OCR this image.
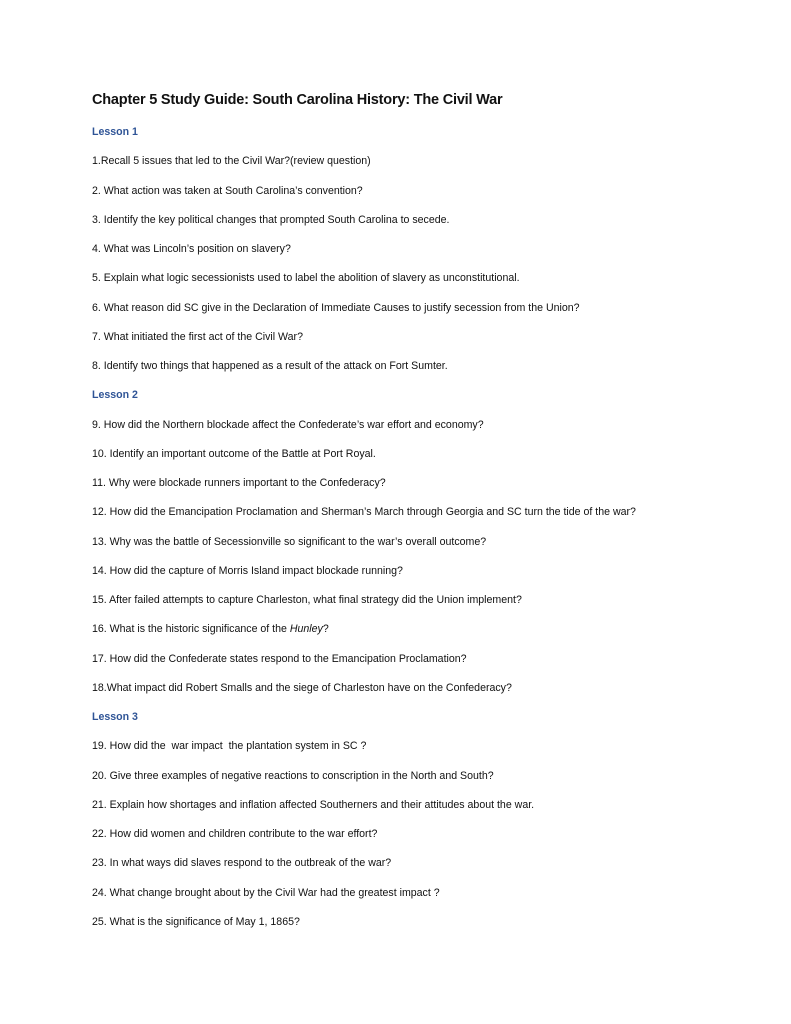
Chapter 5 Study Guide: South Carolina History: The Civil War
Lesson 1
1.Recall 5 issues that led to the Civil War?(review question)
2. What action was taken at South Carolina’s convention?
3. Identify the key political changes that prompted South Carolina to secede.
4. What was Lincoln’s position on slavery?
5. Explain what logic secessionists used to label the abolition of slavery as unconstitutional.
6. What reason did SC give in the Declaration of Immediate Causes to justify secession from the Union?
7. What initiated the first act of the Civil War?
8. Identify two things that happened as a result of the attack on Fort Sumter.
Lesson 2
9. How did the Northern blockade affect the Confederate’s war effort and economy?
10. Identify an important outcome of the Battle at Port Royal.
11. Why were blockade runners important to the Confederacy?
12. How did the Emancipation Proclamation and Sherman’s March through Georgia and SC turn the tide of the war?
13. Why was the battle of Secessionville so significant to the war’s overall outcome?
14. How did the capture of Morris Island impact blockade running?
15. After failed attempts to capture Charleston, what final strategy did the Union implement?
16. What is the historic significance of the Hunley?
17. How did the Confederate states respond to the Emancipation Proclamation?
18.What impact did Robert Smalls and the siege of Charleston have on the Confederacy?
Lesson 3
19. How did the  war impact  the plantation system in SC ?
20. Give three examples of negative reactions to conscription in the North and South?
21. Explain how shortages and inflation affected Southerners and their attitudes about the war.
22. How did women and children contribute to the war effort?
23. In what ways did slaves respond to the outbreak of the war?
24. What change brought about by the Civil War had the greatest impact ?
25. What is the significance of May 1, 1865?
